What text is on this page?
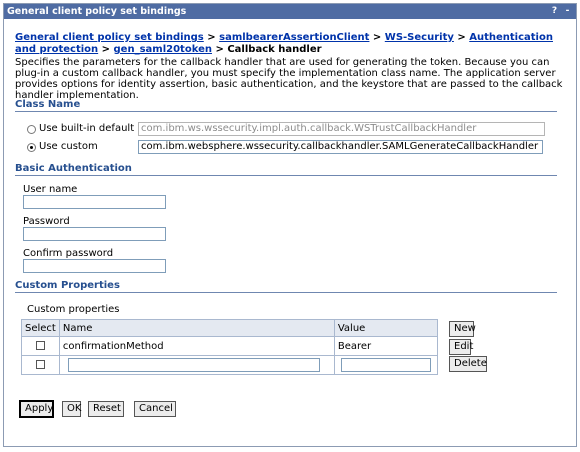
General client policy set bindings	? -
General client policy set bindings > samlbearerAssertionClient > WS-Security > Authentication and protection > gen_saml20token > Callback handler
Specifies the parameters for the callback handler that are used for generating the token. Because you can plug-in a custom callback handler, you must specify the implementation class name. The application server provides options for identity assertion, basic authentication, and the keystore that are passed to the callback handler implementation.
Class Name
Use built-in default com.ibm.ws.wssecurity.impl.auth.callback.WSTrustCallbackHandler
Use custom	com.ibm.websphere.wssecurity.callbackhandler.SAMLGenerateCallbackHandler
Basic Authentication
User name
Password
Confirm password
Custom Properties
Custom properties
Select	Name	Value
	confirmationMethod	Bearer

New
Edit
Delete
Apply	OK	Reset	Cancel
